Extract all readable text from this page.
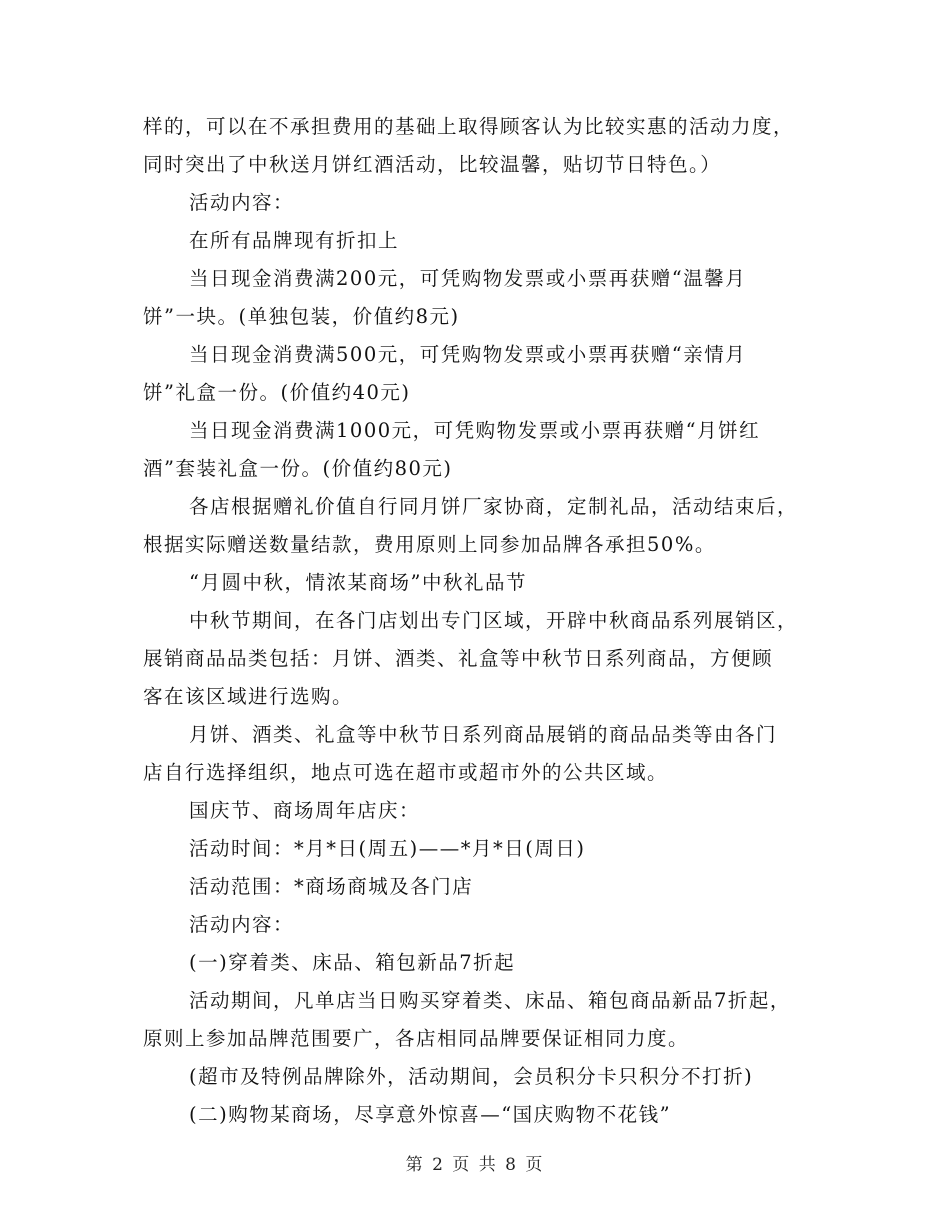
样的，可以在不承担费用的基础上取得顾客认为比较实惠的活动力度，
同时突出了中秋送月饼红酒活动，比较温馨，贴切节日特色。）
活动内容：
在所有品牌现有折扣上
当日现金消费满200元，可凭购物发票或小票再获赠“温馨月
饼”一块。(单独包装，价值约8元)
当日现金消费满500元，可凭购物发票或小票再获赠“亲情月
饼”礼盒一份。(价值约40元)
当日现金消费满1000元，可凭购物发票或小票再获赠“月饼红
酒”套装礼盒一份。(价值约80元)
各店根据赠礼价值自行同月饼厂家协商，定制礼品，活动结束后，
根据实际赠送数量结款，费用原则上同参加品牌各承担50%。
“月圆中秋，情浓某商场”中秋礼品节
中秋节期间，在各门店划出专门区域，开辟中秋商品系列展销区，
展销商品品类包括：月饼、酒类、礼盒等中秋节日系列商品，方便顾
客在该区域进行选购。
月饼、酒类、礼盒等中秋节日系列商品展销的商品品类等由各门
店自行选择组织，地点可选在超市或超市外的公共区域。
国庆节、商场周年店庆：
活动时间：*月*日(周五)——*月*日(周日)
活动范围：*商场商城及各门店
活动内容：
(一)穿着类、床品、箱包新品7折起
活动期间，凡单店当日购买穿着类、床品、箱包商品新品7折起，
原则上参加品牌范围要广，各店相同品牌要保证相同力度。
(超市及特例品牌除外，活动期间，会员积分卡只积分不打折)
(二)购物某商场，尽享意外惊喜—“国庆购物不花钱”
第 2 页 共 8 页
